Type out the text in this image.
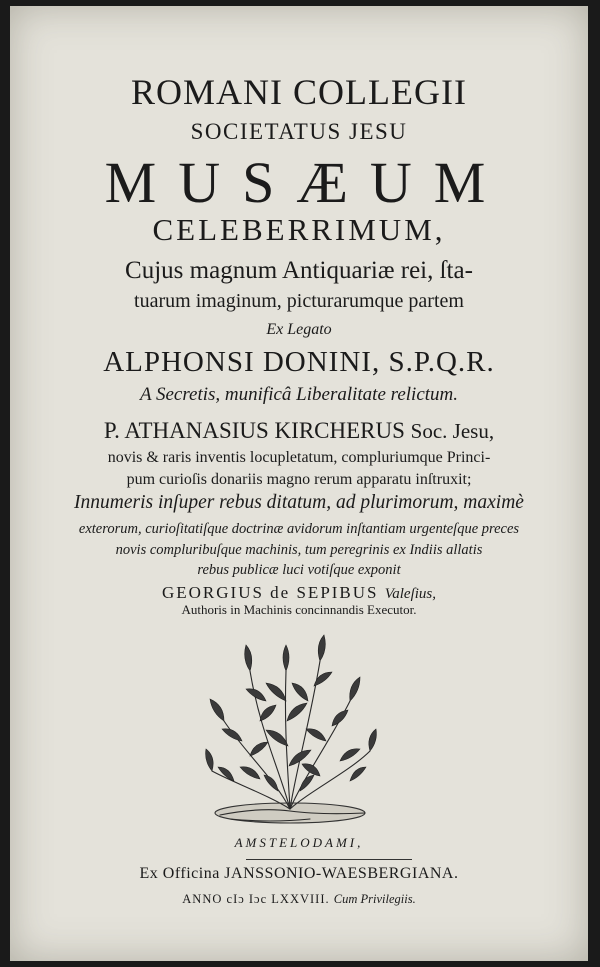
ROMANI COLLEGII
SOCIETATUS JESU
MUSÆUM
CELEBERRIMUM,
Cujus magnum Antiquariæ rei, ſta-
tuarum imaginum, picturarumque partem
Ex Legato
ALPHONSI DONINI, S.P.Q.R.
A Secretis, munificâ Liberalitate relictum.
P. ATHANASIUS KIRCHERUS Soc. Jesu,
novis & raris inventis locupletatum, compluriumque Princi-
pum curioſis donariis magno rerum apparatu inſtruxit;
Innumeris inſuper rebus ditatum, ad plurimorum, maximè
exterorum, curioſitatiſque doctrinæ avidorum inſtantiam urgenteſque preces
novis compluribuſque machinis, tum peregrinis ex Indiis allatis
rebus publicæ luci votiſque exponit
GEORGIUS de SEPIBUS Valeſius,
Authoris in Machinis concinnandis Executor.
AMSTELODAMI,
Ex Officina JANSSONIO-WAESBERGIANA.
ANNO cIɔ Iɔc LXXVIII. Cum Privilegiis.
